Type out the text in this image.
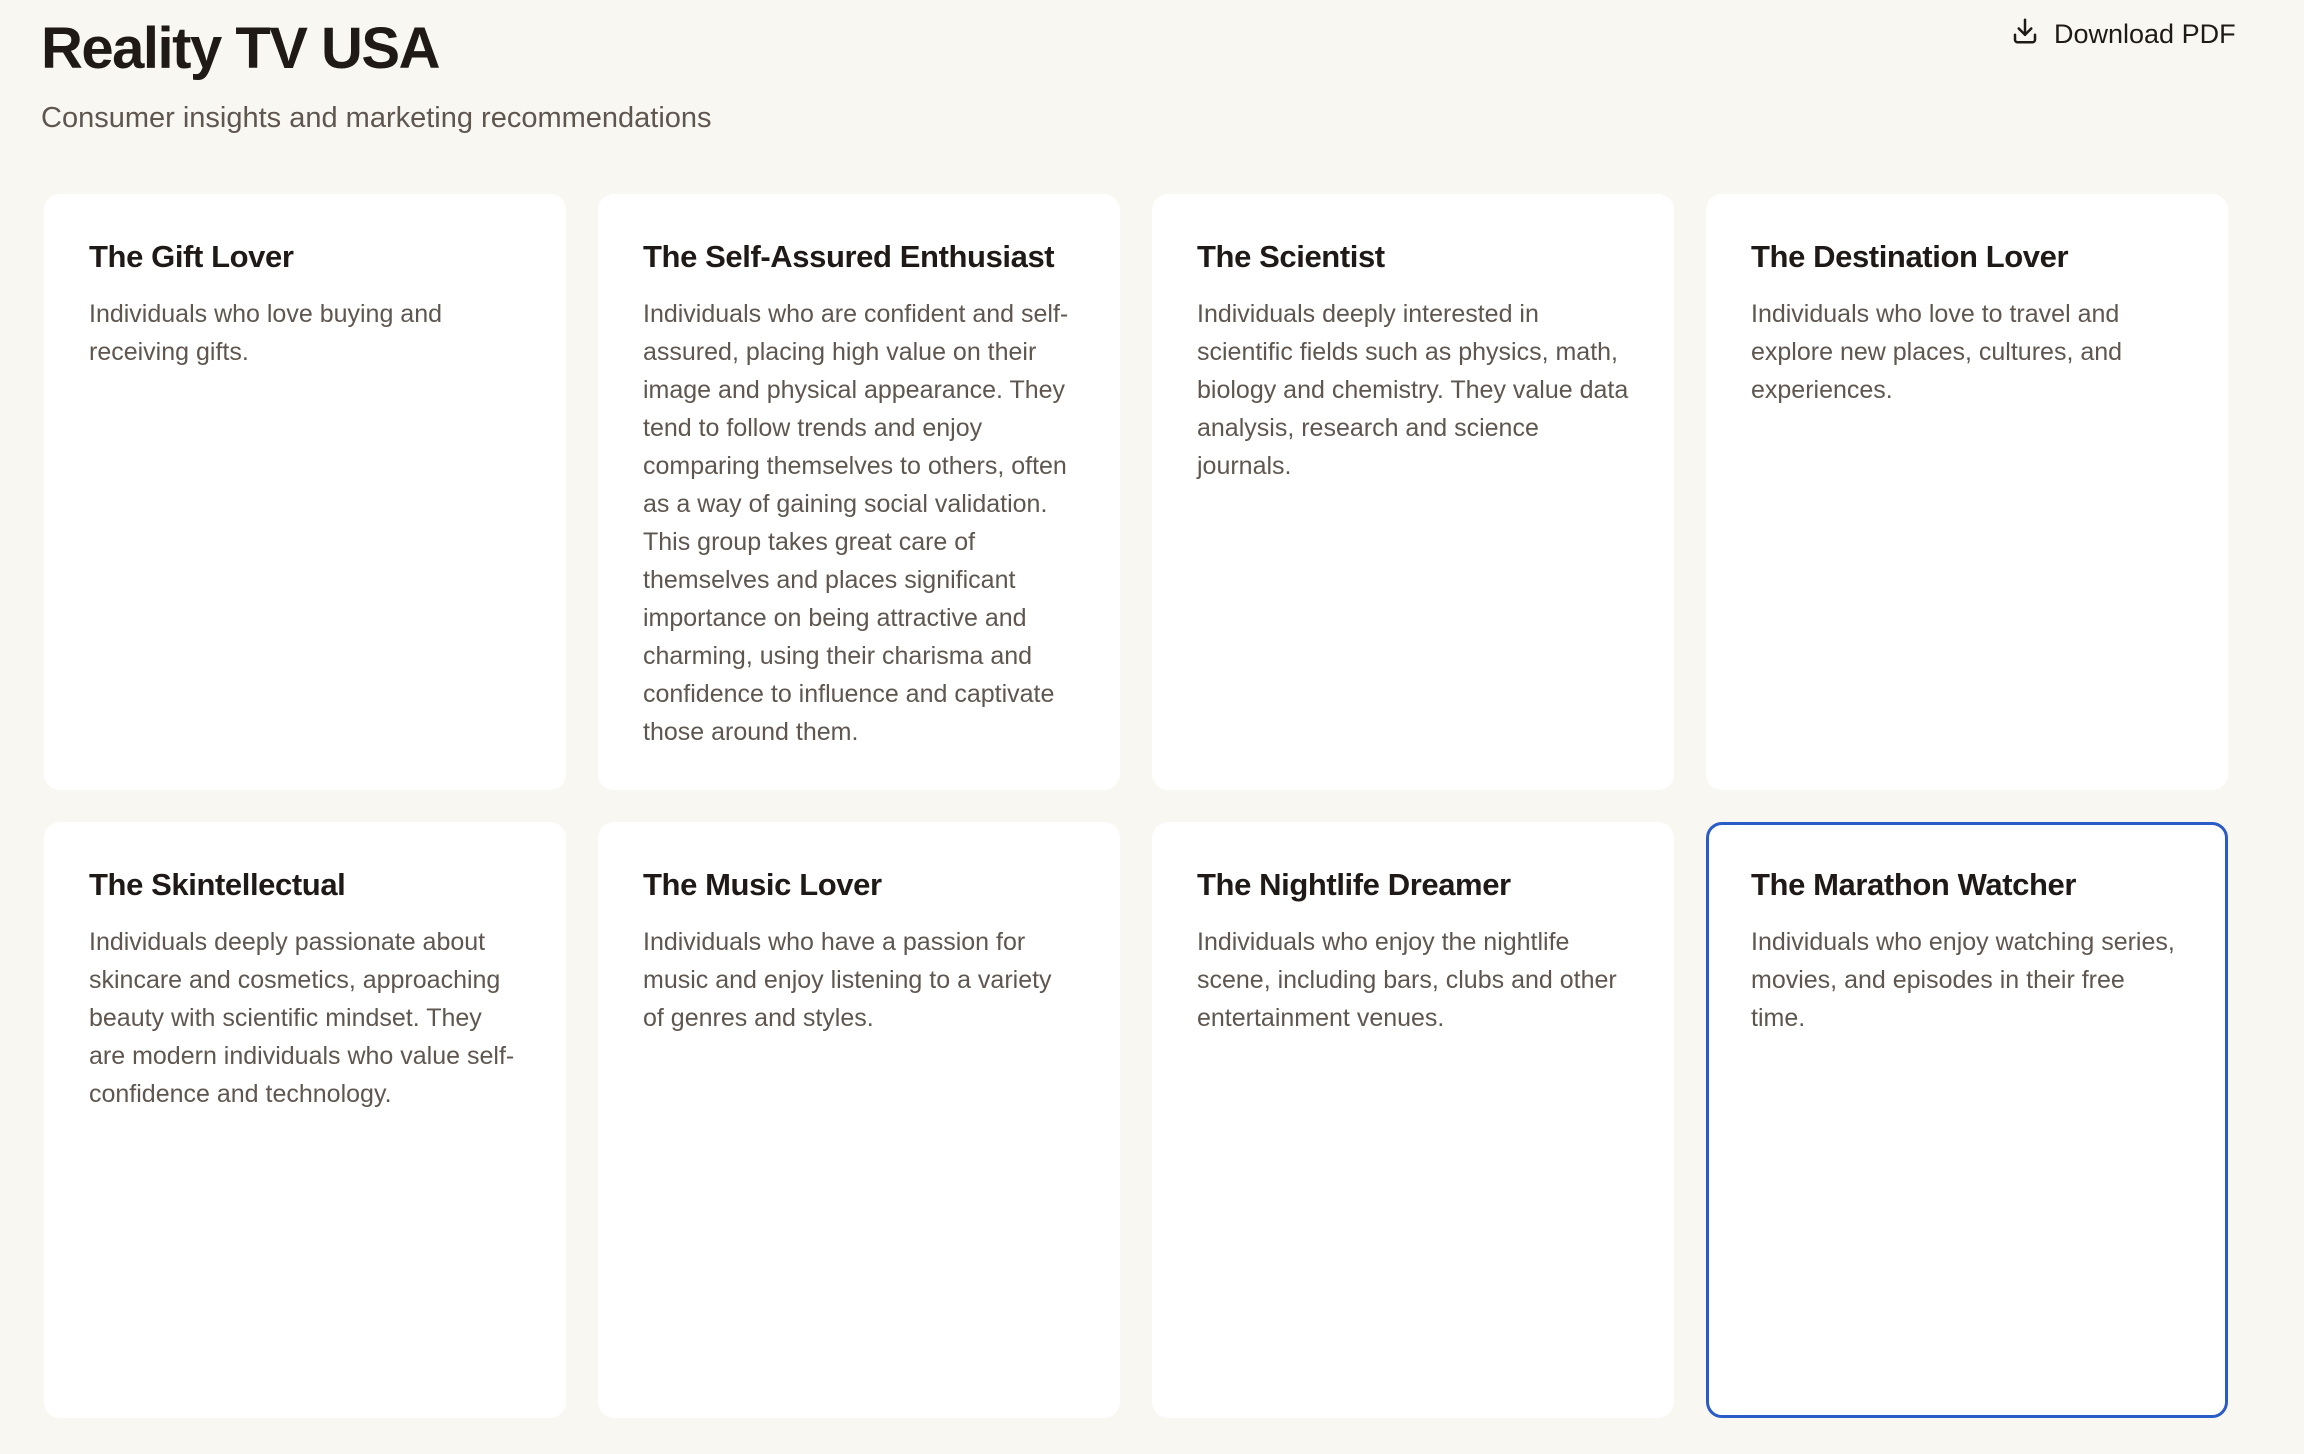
Reality TV USA

Consumer insights and marketing recommendations

Download PDF
The Gift Lover

Individuals who love buying and receiving gifts.

The Self-Assured Enthusiast

Individuals who are confident and self-assured, placing high value on their image and physical appearance. They tend to follow trends and enjoy comparing themselves to others, often as a way of gaining social validation. This group takes great care of themselves and places significant importance on being attractive and charming, using their charisma and confidence to influence and captivate those around them.

The Scientist

Individuals deeply interested in scientific fields such as physics, math, biology and chemistry. They value data analysis, research and science journals.

The Destination Lover

Individuals who love to travel and explore new places, cultures, and experiences.

The Skintellectual

Individuals deeply passionate about skincare and cosmetics, approaching beauty with scientific mindset. They are modern individuals who value self-confidence and technology.

The Music Lover

Individuals who have a passion for music and enjoy listening to a variety of genres and styles.

The Nightlife Dreamer

Individuals who enjoy the nightlife scene, including bars, clubs and other entertainment venues.

The Marathon Watcher

Individuals who enjoy watching series, movies, and episodes in their free time.
